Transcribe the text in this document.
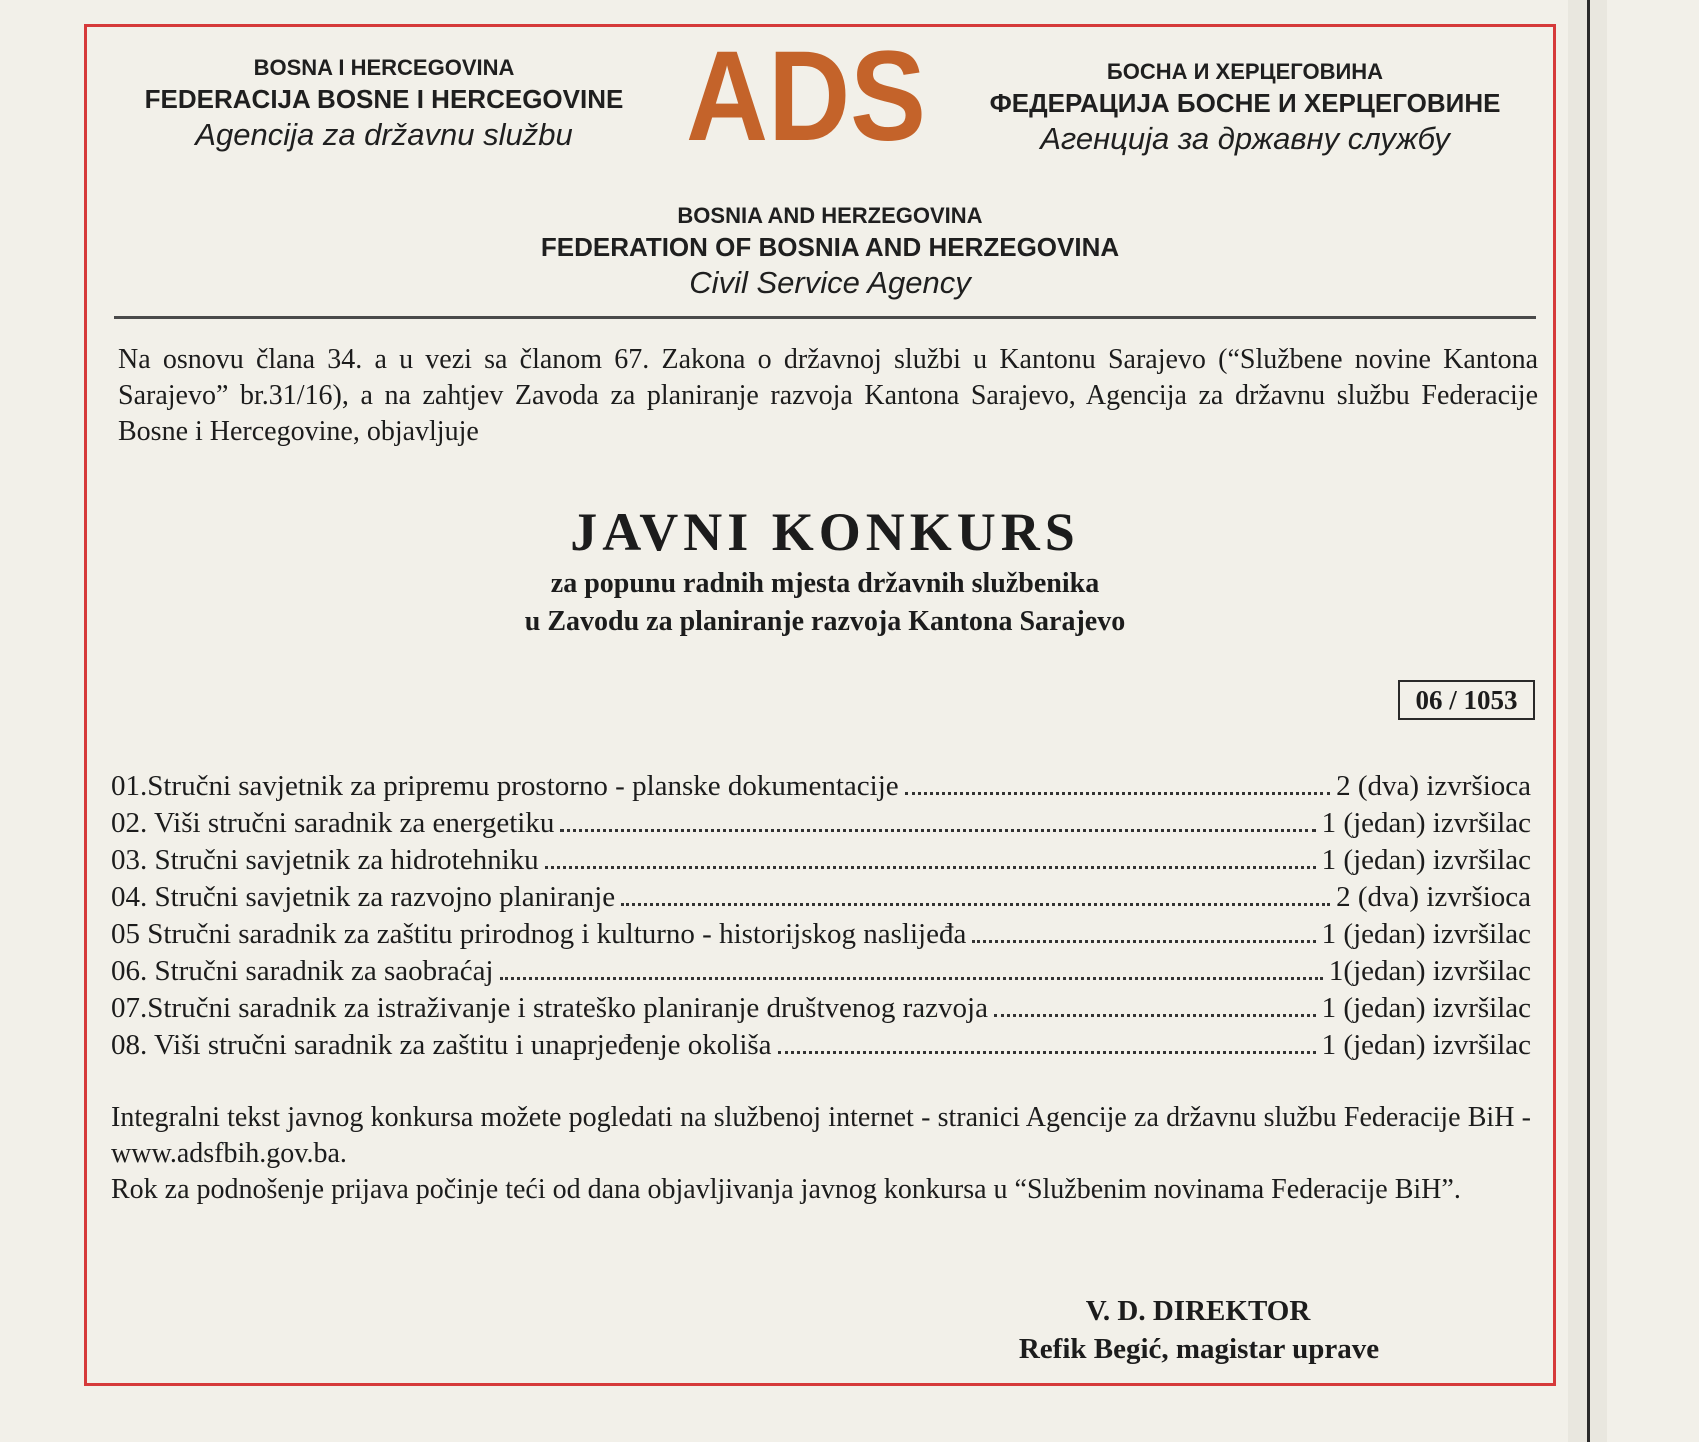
BOSNA I HERCEGOVINA
FEDERACIJA BOSNE I HERCEGOVINE
Agencija za državnu službu ADS	БОСНА И ХЕРЦЕГОВИНА
ФЕДЕРАЦИЈА БОСНЕ И ХЕРЦЕГОВИНЕ
Агенција за државну службу
BOSNIA AND HERZEGOVINA
FEDERATION OF BOSNIA AND HERZEGOVINA
Civil Service Agency
Na osnovu člana 34. a u vezi sa članom 67. Zakona o državnoj službi u Kantonu Sarajevo (“Službene novine Kantona Sarajevo” br.31/16), a na zahtjev Zavoda za planiranje razvoja Kantona Sarajevo, Agencija za državnu službu Federacije Bosne i Hercegovine, objavljuje
JAVNI KONKURS
za popunu radnih mjesta državnih službenika
u Zavodu za planiranje razvoja Kantona Sarajevo
06 / 1053
01.Stručni savjetnik za pripremu prostorno - planske dokumentacije	2 (dva) izvršioca
02. Viši stručni saradnik za energetiku	1 (jedan) izvršilac
03. Stručni savjetnik za hidrotehniku	1 (jedan) izvršilac
04. Stručni savjetnik za razvojno planiranje	2 (dva) izvršioca
05 Stručni saradnik za zaštitu prirodnog i kulturno - historijskog naslijeđa	1 (jedan) izvršilac
06. Stručni saradnik za saobraćaj	1(jedan) izvršilac
07.Stručni saradnik za istraživanje i strateško planiranje društvenog razvoja	1 (jedan) izvršilac
08. Viši stručni saradnik za zaštitu i unaprjeđenje okoliša	1 (jedan) izvršilac

Integralni tekst javnog konkursa možete pogledati na službenoj internet - stranici Agencije za državnu službu Federacije BiH - www.adsfbih.gov.ba.

Rok za podnošenje prijava počinje teći od dana objavljivanja javnog konkursa u “Službenim novinama Federacije BiH”.

V. D. DIREKTOR
Refik Begić, magistar uprave
